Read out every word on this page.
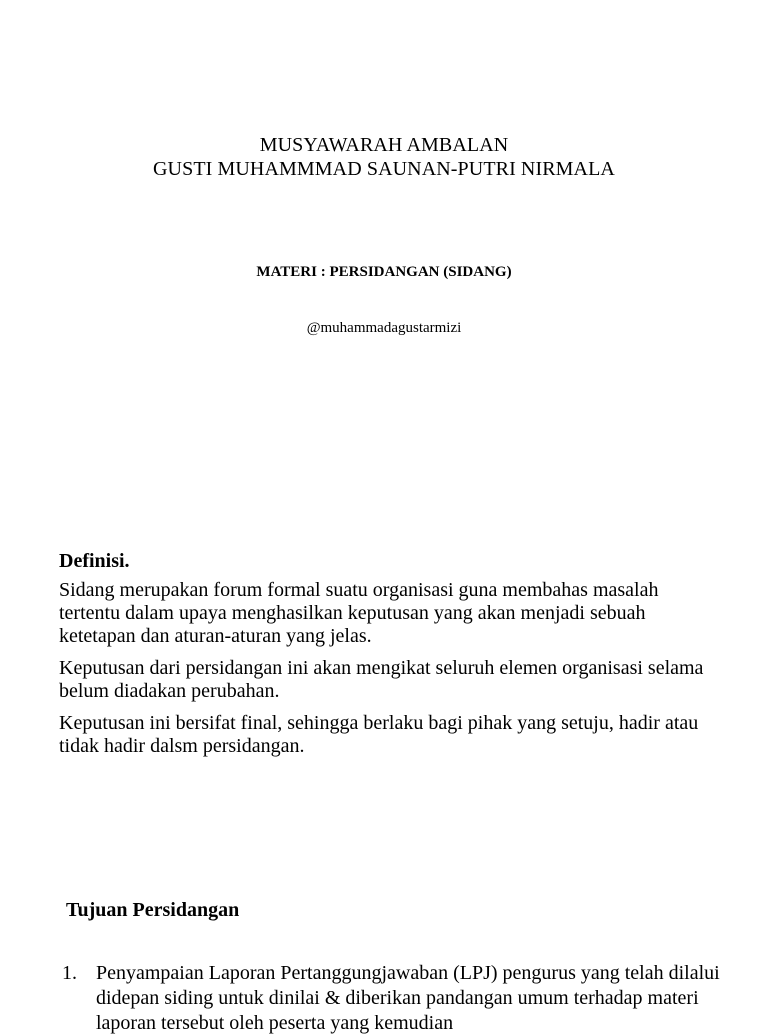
MUSYAWARAH AMBALAN
GUSTI MUHAMMMAD SAUNAN-PUTRI NIRMALA
MATERI : PERSIDANGAN (SIDANG)
@muhammadagustarmizi
Definisi.

Sidang merupakan forum formal suatu organisasi guna membahas masalah tertentu dalam upaya menghasilkan keputusan yang akan menjadi sebuah ketetapan dan aturan-aturan yang jelas.

Keputusan dari persidangan ini akan mengikat seluruh elemen organisasi selama belum diadakan perubahan.

Keputusan ini bersifat final, sehingga berlaku bagi pihak yang setuju, hadir atau tidak hadir dalsm persidangan.

Tujuan Persidangan
1. Penyampaian Laporan Pertanggungjawaban (LPJ) pengurus yang telah dilalui didepan siding untuk dinilai & diberikan pandangan umum terhadap materi laporan tersebut oleh peserta yang kemudian
